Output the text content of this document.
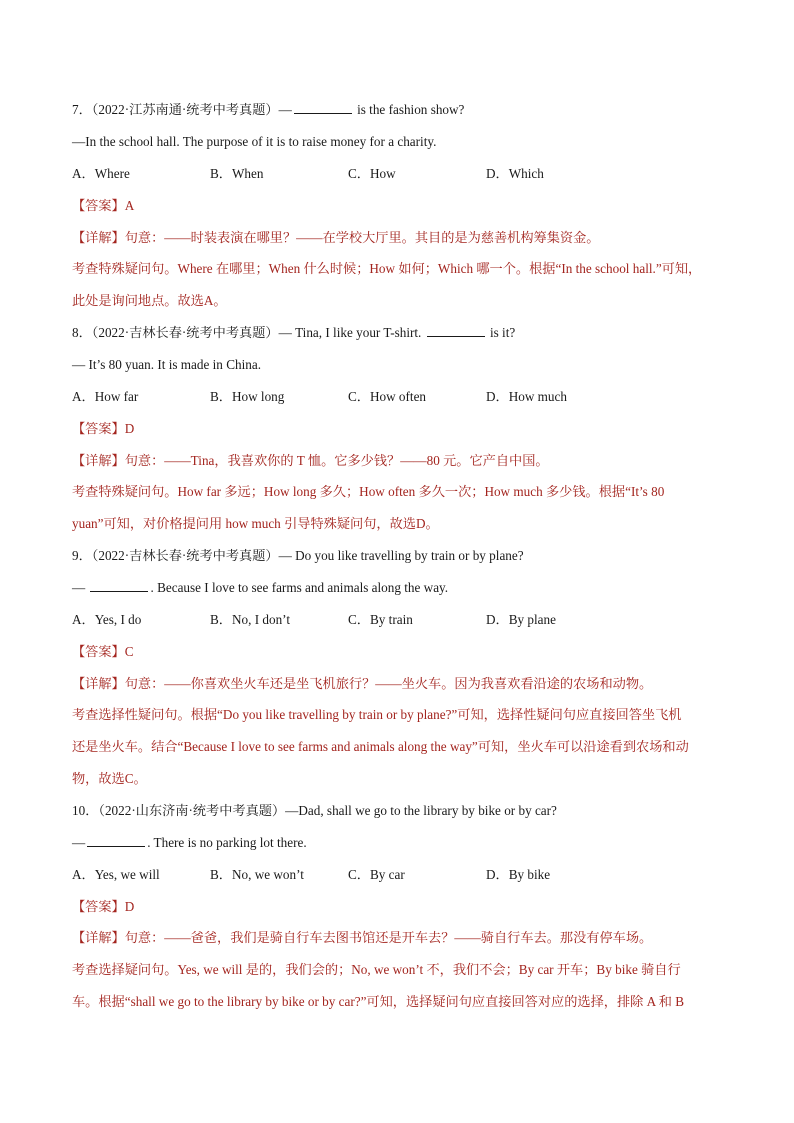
7．（2022·江苏南通·统考中考真题）—	is the fashion show?
—In the school hall. The purpose of it is to raise money for a charity.
A．Where	B．When	C．How	D．Which
【答案】A
【详解】句意：——时装表演在哪里？——在学校大厅里。其目的是为慈善机构筹集资金。
考查特殊疑问句。Where 在哪里；When 什么时候；How 如何；Which 哪一个。根据“In the school hall.”可知，
此处是询问地点。故选A。
8．（2022·吉林长春·统考中考真题）— Tina, I like your T-shirt.	is it?
— It’s 80 yuan. It is made in China.
A．How far	B．How long	C．How often	D．How much
【答案】D
【详解】句意：——Tina，我喜欢你的 T 恤。它多少钱？——80 元。它产自中国。
考查特殊疑问句。How far 多远；How long 多久；How often 多久一次；How much 多少钱。根据“It’s 80
yuan”可知，对价格提问用 how much 引导特殊疑问句，故选D。
9．（2022·吉林长春·统考中考真题）— Do you like travelling by train or by plane?
—	. Because I love to see farms and animals along the way.
A．Yes, I do	B．No, I don’t	C．By train	D．By plane
【答案】C
【详解】句意：——你喜欢坐火车还是坐飞机旅行？——坐火车。因为我喜欢看沿途的农场和动物。
考查选择性疑问句。根据“Do you like travelling by train or by plane?”可知，选择性疑问句应直接回答坐飞机
还是坐火车。结合“Because I love to see farms and animals along the way”可知，坐火车可以沿途看到农场和动
物，故选C。
10．（2022·山东济南·统考中考真题）—Dad, shall we go to the library by bike or by car?
—	. There is no parking lot there.
A．Yes, we will	B．No, we won’t	C．By car	D．By bike
【答案】D
【详解】句意：——爸爸，我们是骑自行车去图书馆还是开车去？——骑自行车去。那没有停车场。
考查选择疑问句。Yes, we will 是的，我们会的；No, we won’t 不，我们不会；By car 开车；By bike 骑自行
车。根据“shall we go to the library by bike or by car?”可知，选择疑问句应直接回答对应的选择，排除 A 和 B
